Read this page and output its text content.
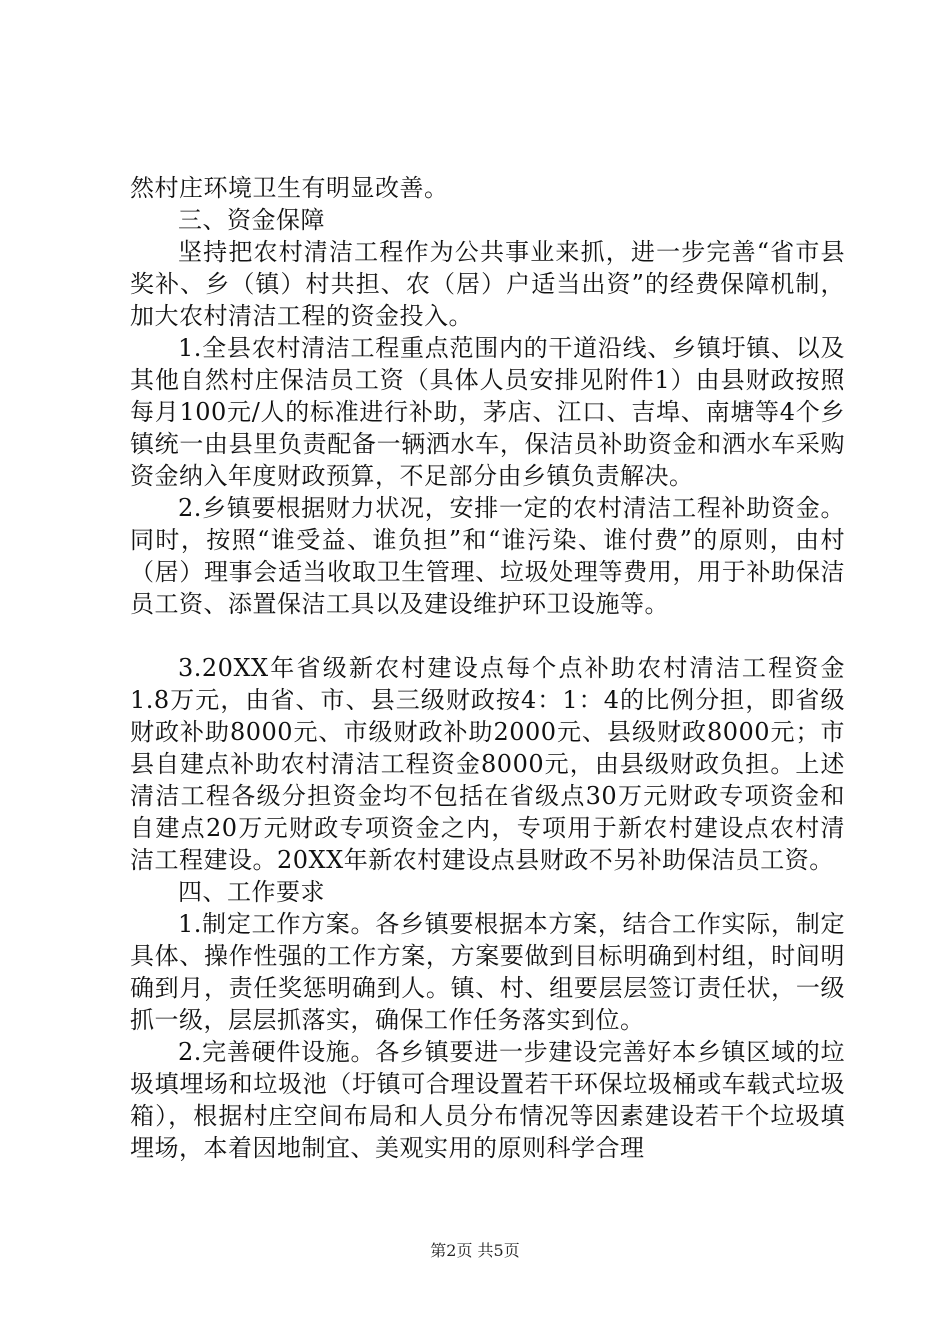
然村庄环境卫生有明显改善。

三、资金保障

坚持把农村清洁工程作为公共事业来抓，进一步完善“省市县奖补、乡（镇）村共担、农（居）户适当出资”的经费保障机制，加大农村清洁工程的资金投入。

1.全县农村清洁工程重点范围内的干道沿线、乡镇圩镇、以及其他自然村庄保洁员工资（具体人员安排见附件1）由县财政按照每月100元/人的标准进行补助，茅店、江口、吉埠、南塘等4个乡镇统一由县里负责配备一辆洒水车，保洁员补助资金和洒水车采购资金纳入年度财政预算，不足部分由乡镇负责解决。

2.乡镇要根据财力状况，安排一定的农村清洁工程补助资金。同时，按照“谁受益、谁负担”和“谁污染、谁付费”的原则，由村（居）理事会适当收取卫生管理、垃圾处理等费用，用于补助保洁员工资、添置保洁工具以及建设维护环卫设施等。

3.20XX年省级新农村建设点每个点补助农村清洁工程资金1.8万元，由省、市、县三级财政按4：1：4的比例分担，即省级财政补助8000元、市级财政补助2000元、县级财政8000元；市县自建点补助农村清洁工程资金8000元，由县级财政负担。上述清洁工程各级分担资金均不包括在省级点30万元财政专项资金和自建点20万元财政专项资金之内，专项用于新农村建设点农村清洁工程建设。20XX年新农村建设点县财政不另补助保洁员工资。

四、工作要求

1.制定工作方案。各乡镇要根据本方案，结合工作实际，制定具体、操作性强的工作方案，方案要做到目标明确到村组，时间明确到月，责任奖惩明确到人。镇、村、组要层层签订责任状，一级抓一级，层层抓落实，确保工作任务落实到位。

2.完善硬件设施。各乡镇要进一步建设完善好本乡镇区域的垃圾填埋场和垃圾池（圩镇可合理设置若干环保垃圾桶或车载式垃圾箱），根据村庄空间布局和人员分布情况等因素建设若干个垃圾填埋场，本着因地制宜、美观实用的原则科学合理

第2页 共5页
